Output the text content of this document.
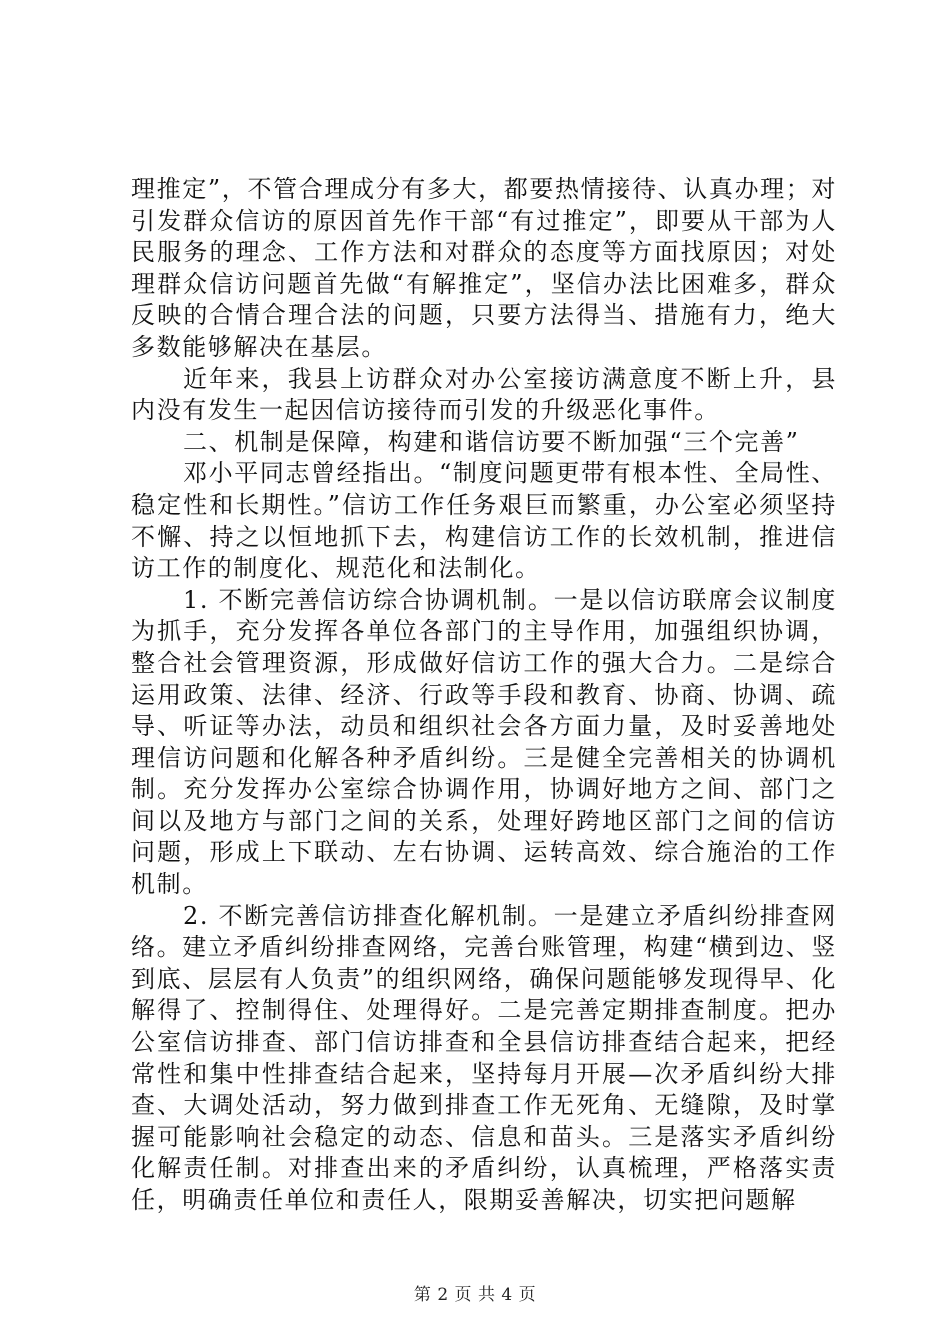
理推定”，不管合理成分有多大，都要热情接待、认真办理；对引发群众信访的原因首先作干部“有过推定”，即要从干部为人民服务的理念、工作方法和对群众的态度等方面找原因；对处理群众信访问题首先做“有解推定”，坚信办法比困难多，群众反映的合情合理合法的问题，只要方法得当、措施有力，绝大多数能够解决在基层。

近年来，我县上访群众对办公室接访满意度不断上升，县内没有发生一起因信访接待而引发的升级恶化事件。

二、机制是保障，构建和谐信访要不断加强“三个完善”

邓小平同志曾经指出。“制度问题更带有根本性、全局性、稳定性和长期性。”信访工作任务艰巨而繁重，办公室必须坚持不懈、持之以恒地抓下去，构建信访工作的长效机制，推进信访工作的制度化、规范化和法制化。

1. 不断完善信访综合协调机制。一是以信访联席会议制度为抓手，充分发挥各单位各部门的主导作用，加强组织协调，整合社会管理资源，形成做好信访工作的强大合力。二是综合运用政策、法律、经济、行政等手段和教育、协商、协调、疏导、听证等办法，动员和组织社会各方面力量，及时妥善地处理信访问题和化解各种矛盾纠纷。三是健全完善相关的协调机制。充分发挥办公室综合协调作用，协调好地方之间、部门之间以及地方与部门之间的关系，处理好跨地区部门之间的信访问题，形成上下联动、左右协调、运转高效、综合施治的工作机制。

2. 不断完善信访排查化解机制。一是建立矛盾纠纷排查网络。建立矛盾纠纷排查网络，完善台账管理，构建“横到边、竖到底、层层有人负责”的组织网络，确保问题能够发现得早、化解得了、控制得住、处理得好。二是完善定期排查制度。把办公室信访排查、部门信访排查和全县信访排查结合起来，把经常性和集中性排查结合起来，坚持每月开展—次矛盾纠纷大排查、大调处活动，努力做到排查工作无死角、无缝隙，及时掌握可能影响社会稳定的动态、信息和苗头。三是落实矛盾纠纷化解责任制。对排查出来的矛盾纠纷，认真梳理，严格落实责任，明确责任单位和责任人，限期妥善解决，切实把问题解

第 2 页 共 4 页
